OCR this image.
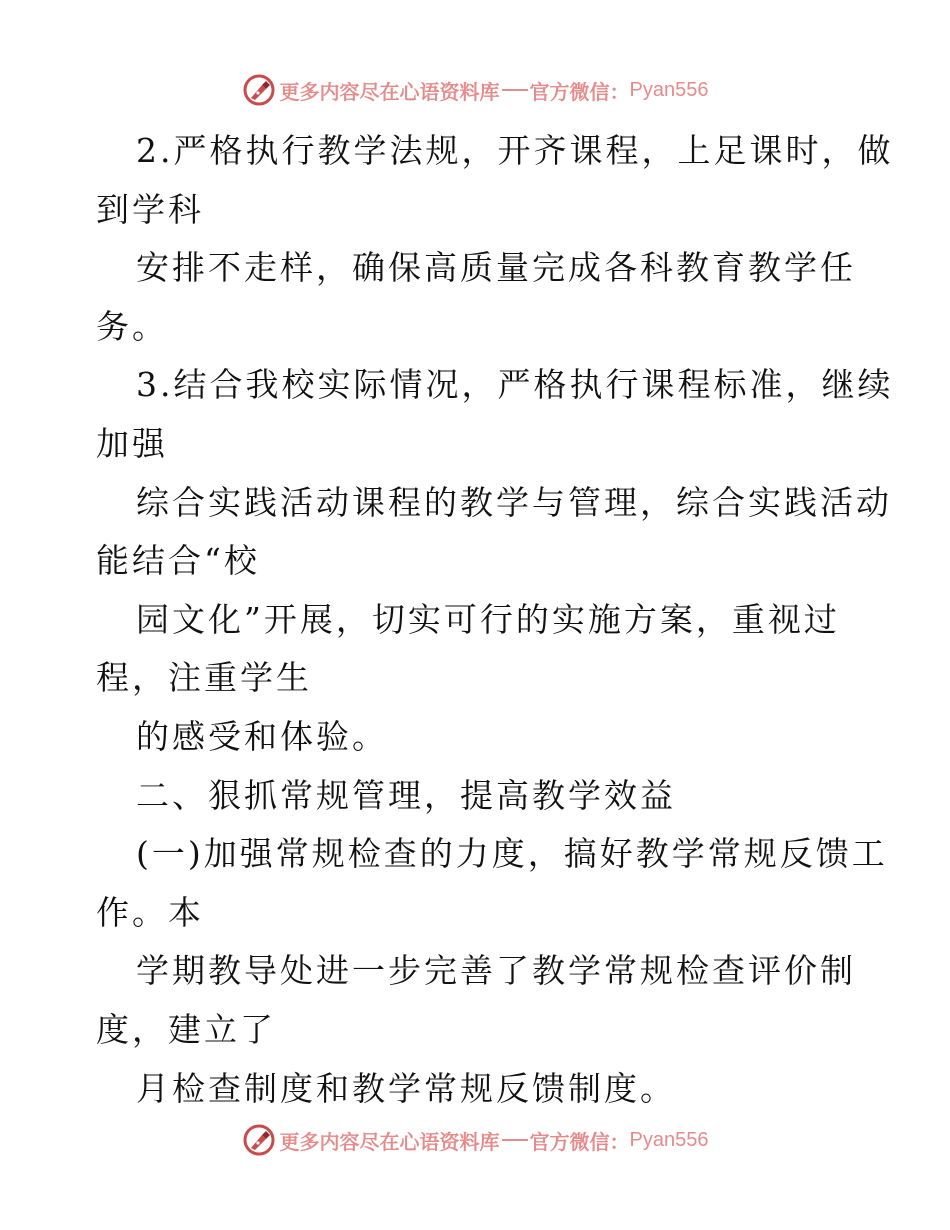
更多内容尽在心语资料库 官方微信： Pyan556
2.严格执行教学法规，开齐课程，上足课时，做
到学科
安排不走样，确保高质量完成各科教育教学任
务。
3.结合我校实际情况，严格执行课程标准，继续
加强
综合实践活动课程的教学与管理，综合实践活动
能结合“校
园文化”开展，切实可行的实施方案，重视过
程，注重学生
的感受和体验。
二、狠抓常规管理，提高教学效益
(一)加强常规检查的力度，搞好教学常规反馈工
作。本
学期教导处进一步完善了教学常规检查评价制
度，建立了
月检查制度和教学常规反馈制度。
更多内容尽在心语资料库 官方微信： Pyan556
